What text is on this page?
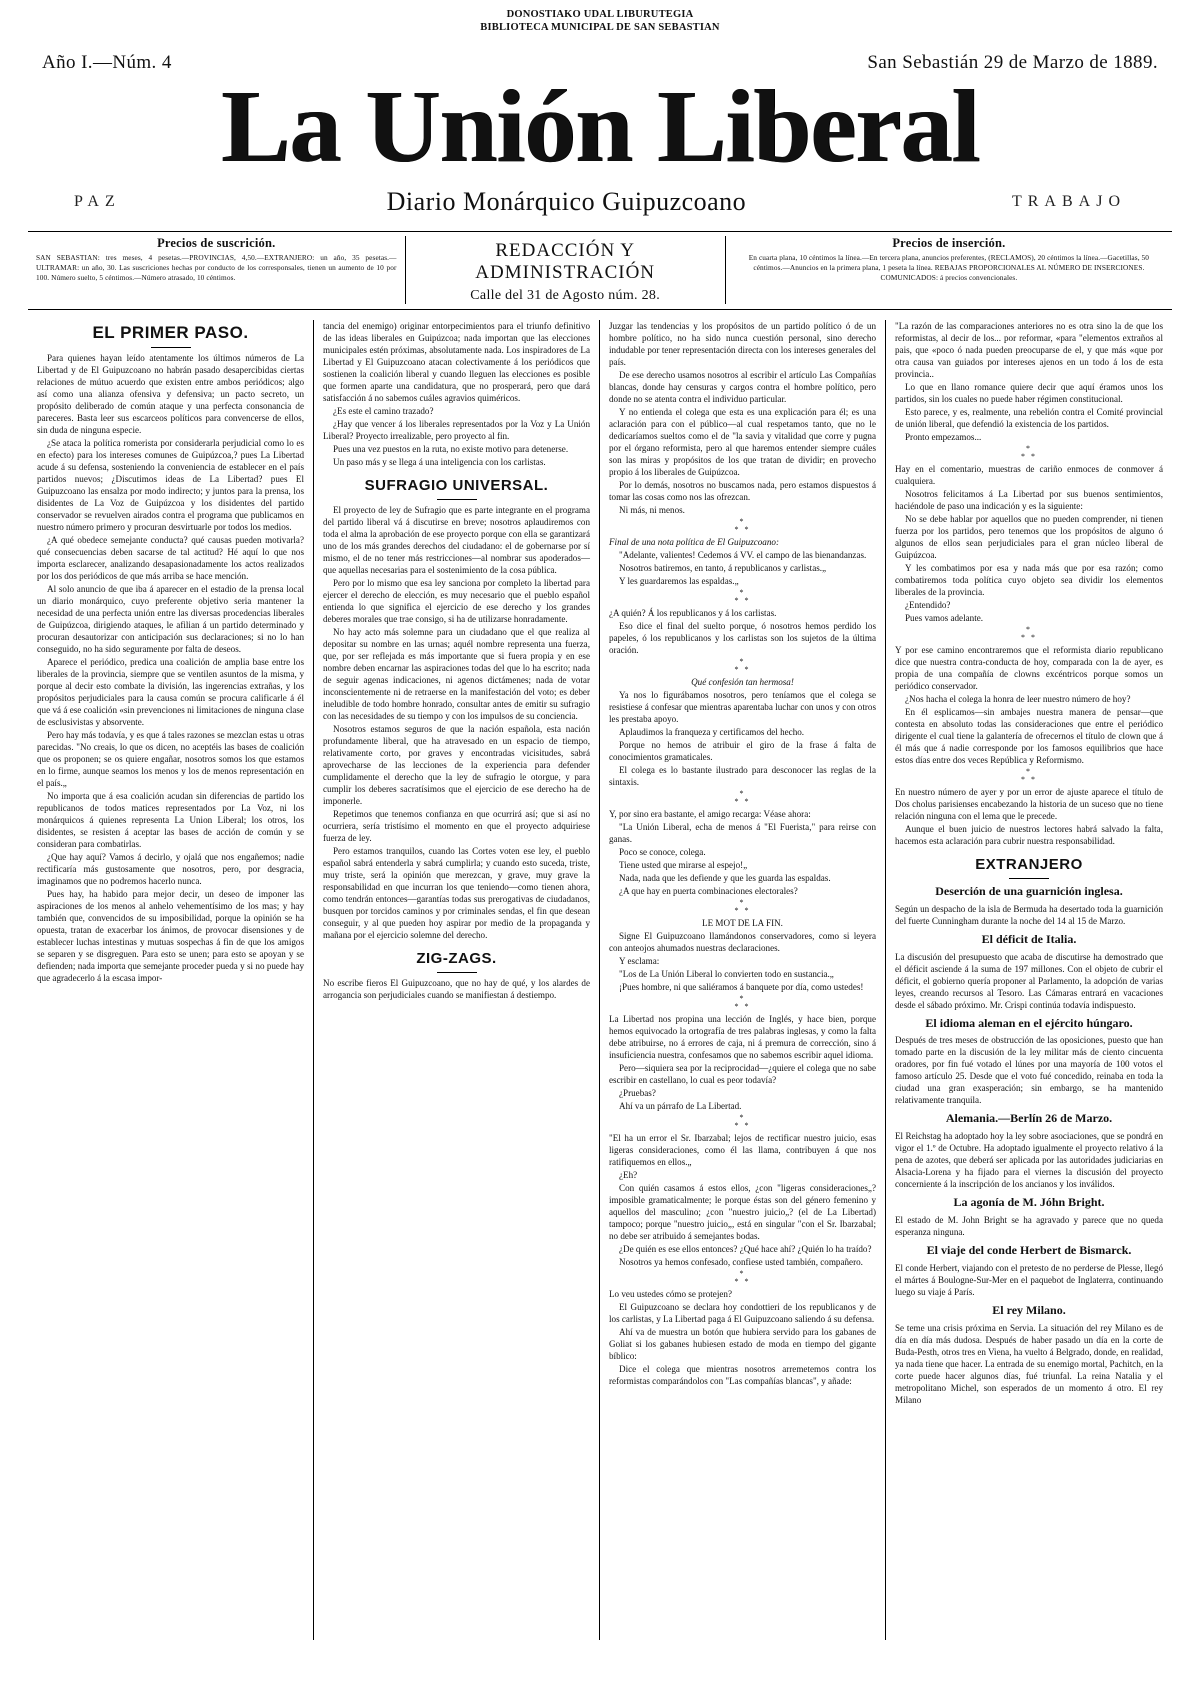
DONOSTIAKO UDAL LIBURUTEGIA
BIBLIOTECA MUNICIPAL DE SAN SEBASTIAN
Año I.—Núm. 4	San Sebastián 29 de Marzo de 1889.
La Unión Liberal
PAZ	Diario Monárquico Guipuzcoano	TRABAJO
Precios de suscrición.
SAN SEBASTIAN: tres meses, 4 pesetas.—PROVINCIAS, 4,50.—EXTRANJERO: un año, 35 pesetas.—ULTRAMAR: un año, 30. Las suscriciones hechas por conducto de los corresponsales, tienen un aumento de 10 por 100. Número suelto, 5 céntimos.—Número atrasado, 10 céntimos.
REDACCIÓN Y ADMINISTRACIÓN
Calle del 31 de Agosto núm. 28.
Precios de inserción.
En cuarta plana, 10 céntimos la línea.—En tercera plana, anuncios preferentes, (RECLAMOS), 20 céntimos la línea.—Gacetillas, 50 céntimos.—Anuncios en la primera plana, 1 peseta la línea. REBAJAS PROPORCIONALES AL NÚMERO DE INSERCIONES. COMUNICADOS: á precios convencionales.
EL PRIMER PASO.

Para quienes hayan leído atentamente los últimos números de La Libertad y de El Guipuzcoano no habrán pasado desapercibidas ciertas relaciones de mútuo acuerdo que existen entre ambos periódicos; algo así como una alianza ofensiva y defensiva; un pacto secreto, un propósito deliberado de común ataque y una perfecta consonancia de pareceres. Basta leer sus escarceos políticos para convencerse de ellos, sin duda de ninguna especie.

¿Se ataca la política romerista por considerarla perjudicial como lo es en efecto) para los intereses comunes de Guipúzcoa,? pues La Libertad acude á su defensa, sosteniendo la conveniencia de establecer en el país partidos nuevos; ¿Discutimos ideas de La Libertad? pues El Guipuzcoano las ensalza por modo indirecto; y juntos para la prensa, los disidentes de La Voz de Guipúzcoa y los disidentes del partido conservador se revuelven airados contra el programa que publicamos en nuestro número primero y procuran desvirtuarle por todos los medios.

¿A qué obedece semejante conducta? qué causas pueden motivarla? qué consecuencias deben sacarse de tal actitud? Hé aquí lo que nos importa esclarecer, analizando desapasionadamente los actos realizados por los dos periódicos de que más arriba se hace mención.

Al solo anuncio de que iba á aparecer en el estadio de la prensa local un diario monárquico, cuyo preferente objetivo seria mantener la necesidad de una perfecta unión entre las diversas procedencias liberales de Guipúzcoa, dirigiendo ataques, le afilian á un partido determinado y procuran desautorizar con anticipación sus declaraciones; si no lo han conseguido, no ha sido seguramente por falta de deseos.

Aparece el periódico, predica una coalición de amplia base entre los liberales de la provincia, siempre que se ventilen asuntos de la misma, y porque al decir esto combate la división, las ingerencias extrañas, y los propósitos perjudiciales para la causa común se procura calificarle á él que vá á ese coalición «sin prevenciones ni limitaciones de ninguna clase de esclusivistas y absorvente.

Pero hay más todavía, y es que á tales razones se mezclan estas u otras parecidas. "No creais, lo que os dicen, no aceptéis las bases de coalición que os proponen; se os quiere engañar, nosotros somos los que estamos en lo firme, aunque seamos los menos y los de menos representación en el país.„

No importa que á esa coalición acudan sin diferencias de partido los republicanos de todos matices representados por La Voz, ni los monárquicos á quienes representa La Union Liberal; los otros, los disidentes, se resisten á aceptar las bases de acción de común y se consideran para combatirlas.

¿Que hay aquí? Vamos á decirlo, y ojalá que nos engañemos; nadie rectificaría más gustosamente que nosotros, pero, por desgracia, imaginamos que no podremos hacerlo nunca.

Pues hay, ha habido para mejor decir, un deseo de imponer las aspiraciones de los menos al anhelo vehementísimo de los mas; y hay también que, convencidos de su imposibilidad, porque la opinión se ha opuesta, tratan de exacerbar los ánimos, de provocar disensiones y de establecer luchas intestinas y mutuas sospechas á fin de que los amigos se separen y se disgreguen. Para esto se unen; para esto se apoyan y se defienden; nada importa que semejante proceder pueda y si no puede hay que agradecerlo á la escasa impor-

tancia del enemigo) originar entorpecimientos para el triunfo definitivo de las ideas liberales en Guipúzcoa; nada importan que las elecciones municipales estén próximas, absolutamente nada. Los inspiradores de La Libertad y El Guipuzcoano atacan colectivamente á los periódicos que sostienen la coalición liberal y cuando lleguen las elecciones es posible que formen aparte una candidatura, que no prosperará, pero que dará satisfacción á no sabemos cuáles agravios quiméricos.

¿Es este el camino trazado?

¿Hay que vencer á los liberales representados por la Voz y La Unión Liberal? Proyecto irrealizable, pero proyecto al fin.

Pues una vez puestos en la ruta, no existe motivo para detenerse.

Un paso más y se llega á una inteligencia con los carlistas.

SUFRAGIO UNIVERSAL.

El proyecto de ley de Sufragio que es parte integrante en el programa del partido liberal vá á discutirse en breve; nosotros aplaudiremos con toda el alma la aprobación de ese proyecto porque con ella se garantizará uno de los más grandes derechos del ciudadano: el de gobernarse por sí mismo, el de no tener más restricciones—al nombrar sus apoderados—que aquellas necesarias para el sostenimiento de la cosa pública.

Pero por lo mismo que esa ley sanciona por completo la libertad para ejercer el derecho de elección, es muy necesario que el pueblo español entienda lo que significa el ejercicio de ese derecho y los grandes deberes morales que trae consigo, si ha de utilizarse honradamente.

No hay acto más solemne para un ciudadano que el que realiza al depositar su nombre en las urnas; aquél nombre representa una fuerza, que, por ser reflejada es más importante que si fuera propia y en ese nombre deben encarnar las aspiraciones todas del que lo ha escrito; nada de seguir agenas indicaciones, ni agenos dictámenes; nada de votar inconscientemente ni de retraerse en la manifestación del voto; es deber ineludible de todo hombre honrado, consultar antes de emitir su sufragio con las necesidades de su tiempo y con los impulsos de su conciencia.

Nosotros estamos seguros de que la nación española, esta nación profundamente liberal, que ha atravesado en un espacio de tiempo, relativamente corto, por graves y encontradas vicisitudes, sabrá aprovecharse de las lecciones de la experiencia para defender cumplidamente el derecho que la ley de sufragio le otorgue, y para cumplir los deberes sacratísimos que el ejercicio de ese derecho ha de imponerle.

Repetimos que tenemos confianza en que ocurrirá así; que si así no ocurriera, sería tristísimo el momento en que el proyecto adquiriese fuerza de ley.

Pero estamos tranquilos, cuando las Cortes voten ese ley, el pueblo español sabrá entenderla y sabrá cumplirla; y cuando esto suceda, triste, muy triste, será la opinión que merezcan, y grave, muy grave la responsabilidad en que incurran los que teniendo—como tienen ahora, como tendrán entonces—garantías todas sus prerogativas de ciudadanos, busquen por torcidos caminos y por criminales sendas, el fin que desean conseguir, y al que pueden hoy aspirar por medio de la propaganda y mañana por el ejercicio solemne del derecho.

ZIG-ZAGS.

No escribe fieros El Guipuzcoano, que no hay de qué, y los alardes de arrogancia son perjudiciales cuando se manifiestan á destiempo.

Juzgar las tendencias y los propósitos de un partido político ó de un hombre político, no ha sido nunca cuestión personal, sino derecho indudable por tener representación directa con los intereses generales del país.

De ese derecho usamos nosotros al escribir el artículo Las Compañías blancas, donde hay censuras y cargos contra el hombre político, pero donde no se atenta contra el individuo particular.

Y no entienda el colega que esta es una explicación para él; es una aclaración para con el público—al cual respetamos tanto, que no le dedicaríamos sueltos como el de "la savia y vitalidad que corre y pugna por el órgano reformista, pero al que haremos entender siempre cuáles son las miras y propósitos de los que tratan de dividir; en provecho propio á los liberales de Guipúzcoa.

Por lo demás, nosotros no buscamos nada, pero estamos dispuestos á tomar las cosas como nos las ofrezcan.

Ni más, ni menos.

*
* *

Final de una nota política de El Guipuzcoano:

"Adelante, valientes! Cedemos á VV. el campo de las bienandanzas.

Nosotros batiremos, en tanto, á republicanos y carlistas.„

Y les guardaremos las espaldas.„

*
* *

¿A quién? Á los republicanos y á los carlistas.

Eso dice el final del suelto porque, ó nosotros hemos perdido los papeles, ó los republicanos y los carlistas son los sujetos de la última oración.

*
* *

Qué confesión tan hermosa!

Ya nos lo figurábamos nosotros, pero teníamos que el colega se resistiese á confesar que mientras aparentaba luchar con unos y con otros les prestaba apoyo.

Aplaudimos la franqueza y certificamos del hecho.

Porque no hemos de atribuir el giro de la frase á falta de conocimientos gramaticales.

El colega es lo bastante ilustrado para desconocer las reglas de la sintaxis.

*
* *

Y, por sino era bastante, el amigo recarga: Véase ahora:

"La Unión Liberal, echa de menos á "El Fuerista," para reirse con ganas.

Poco se conoce, colega.

Tiene usted que mirarse al espejo!„

Nada, nada que les defiende y que les guarda las espaldas.

¿A que hay en puerta combinaciones electorales?

*
* *

LE MOT DE LA FIN.

Signe El Guipuzcoano llamándonos conservadores, como si leyera con anteojos ahumados nuestras declaraciones.

Y esclama:

"Los de La Unión Liberal lo convierten todo en sustancia.„

¡Pues hombre, ni que saliéramos á banquete por día, como ustedes!

*
* *

La Libertad nos propina una lección de Inglés, y hace bien, porque hemos equivocado la ortografía de tres palabras inglesas, y como la falta debe atribuirse, no á errores de caja, ni á premura de corrección, sino á insuficiencia nuestra, confesamos que no sabemos escribir aquel idioma.

Pero—siquiera sea por la reciprocidad—¿quiere el colega que no sabe escribir en castellano, lo cual es peor todavía?

¿Pruebas?

Ahí va un párrafo de La Libertad.

*
* *

"El ha un error el Sr. Ibarzabal; lejos de rectificar nuestro juicio, esas ligeras consideraciones, como él las llama, contribuyen á que nos ratifiquemos en ellos.„

¿Eh?

Con quién casamos á estos ellos, ¿con "ligeras consideraciones„? imposible gramaticalmente; le porque éstas son del género femenino y aquellos del masculino; ¿con "nuestro juicio„? (el de La Libertad) tampoco; porque "nuestro juicio„, está en singular "con el Sr. Ibarzabal; no debe ser atribuido á semejantes bodas.

¿De quién es ese ellos entonces? ¿Qué hace ahí? ¿Quién lo ha traído?

Nosotros ya hemos confesado, confiese usted también, compañero.

*
* *

Lo veu ustedes cómo se protejen?

El Guipuzcoano se declara hoy condottieri de los republicanos y de los carlistas, y La Libertad paga á El Guipuzcoano saliendo á su defensa.

Ahí va de muestra un botón que hubiera servido para los gabanes de Goliat si los gabanes hubiesen estado de moda en tiempo del gigante bíblico:

Dice el colega que mientras nosotros arremetemos contra los reformistas comparándolos con "Las compañías blancas", y añade:

"La razón de las comparaciones anteriores no es otra sino la de que los reformistas, al decir de los... por reformar, «para "elementos extraños al pais, que «poco ó nada pueden preocuparse de el, y que más «que por otra causa van guiados por intereses ajenos en un todo á los de esta provincia..

Lo que en llano romance quiere decir que aquí éramos unos los partidos, sin los cuales no puede haber régimen constitucional.

Esto parece, y es, realmente, una rebelión contra el Comité provincial de unión liberal, que defendió la existencia de los partidos.

Pronto empezamos...

*
* *

Hay en el comentario, muestras de cariño enmoces de conmover á cualquiera.

Nosotros felicitamos á La Libertad por sus buenos sentimientos, haciéndole de paso una indicación y es la siguiente:

No se debe hablar por aquellos que no pueden comprender, ni tienen fuerza por los partidos, pero tenemos que los propósitos de alguno ó algunos de ellos sean perjudiciales para el gran núcleo liberal de Guipúzcoa.

Y les combatimos por esa y nada más que por esa razón; como combatiremos toda política cuyo objeto sea dividir los elementos liberales de la provincia.

¿Entendido?

Pues vamos adelante.

*
* *

Y por ese camino encontraremos que el reformista diario republicano dice que nuestra contra-conducta de hoy, comparada con la de ayer, es propia de una compañía de clowns excéntricos porque somos un periódico conservador.

¿Nos hacha el colega la honra de leer nuestro número de hoy?

En él esplicamos—sin ambajes nuestra manera de pensar—que contesta en absoluto todas las consideraciones que entre el periódico dirigente el cual tiene la galantería de ofrecernos el título de clown que á él más que á nadie corresponde por los famosos equilibrios que hace estos días entre dos veces República y Reformismo.

*
* *

En nuestro número de ayer y por un error de ajuste aparece el título de Dos cholus parisienses encabezando la historia de un suceso que no tiene relación ninguna con el lema que le precede.

Aunque el buen juicio de nuestros lectores habrá salvado la falta, hacemos esta aclaración para cubrir nuestra responsabilidad.

EXTRANJERO
Deserción de una guarnición inglesa.

Según un despacho de la isla de Bermuda ha desertado toda la guarnición del fuerte Cunningham durante la noche del 14 al 15 de Marzo.

El déficit de Italia.

La discusión del presupuesto que acaba de discutirse ha demostrado que el déficit asciende á la suma de 197 millones. Con el objeto de cubrir el déficit, el gobierno quería proponer al Parlamento, la adopción de varias leyes, creando recursos al Tesoro. Las Cámaras entrará en vacaciones desde el sábado próximo. Mr. Crispi continúa todavía indispuesto.

El idioma aleman en el ejército húngaro.

Después de tres meses de obstrucción de las oposiciones, puesto que han tomado parte en la discusión de la ley militar más de ciento cincuenta oradores, por fin fué votado el lúnes por una mayoría de 100 votos el famoso artículo 25. Desde que el voto fué concedido, reinaba en toda la ciudad una gran exasperación; sin embargo, se ha mantenido relativamente tranquila.

Alemania.—Berlín 26 de Marzo.

El Reichstag ha adoptado hoy la ley sobre asociaciones, que se pondrá en vigor el 1.º de Octubre. Ha adoptado igualmente el proyecto relativo á la pena de azotes, que deberá ser aplicada por las autoridades judiciarias en Alsacia-Lorena y ha fijado para el viernes la discusión del proyecto concerniente á la inscripción de los ancianos y los inválidos.

La agonía de M. Jóhn Bright.

El estado de M. John Bright se ha agravado y parece que no queda esperanza ninguna.

El viaje del conde Herbert de Bismarck.

El conde Herbert, viajando con el pretesto de no perderse de Plesse, llegó el mártes á Boulogne-Sur-Mer en el paquebot de Inglaterra, continuando luego su viaje á París.

El rey Milano.

Se teme una crisis próxima en Servia. La situación del rey Milano es de día en día más dudosa. Después de haber pasado un día en la corte de Buda-Pesth, otros tres en Viena, ha vuelto á Belgrado, donde, en realidad, ya nada tiene que hacer. La entrada de su enemigo mortal, Pachitch, en la corte puede hacer algunos días, fué triunfal. La reina Natalia y el metropolitano Michel, son esperados de un momento á otro. El rey Milano
